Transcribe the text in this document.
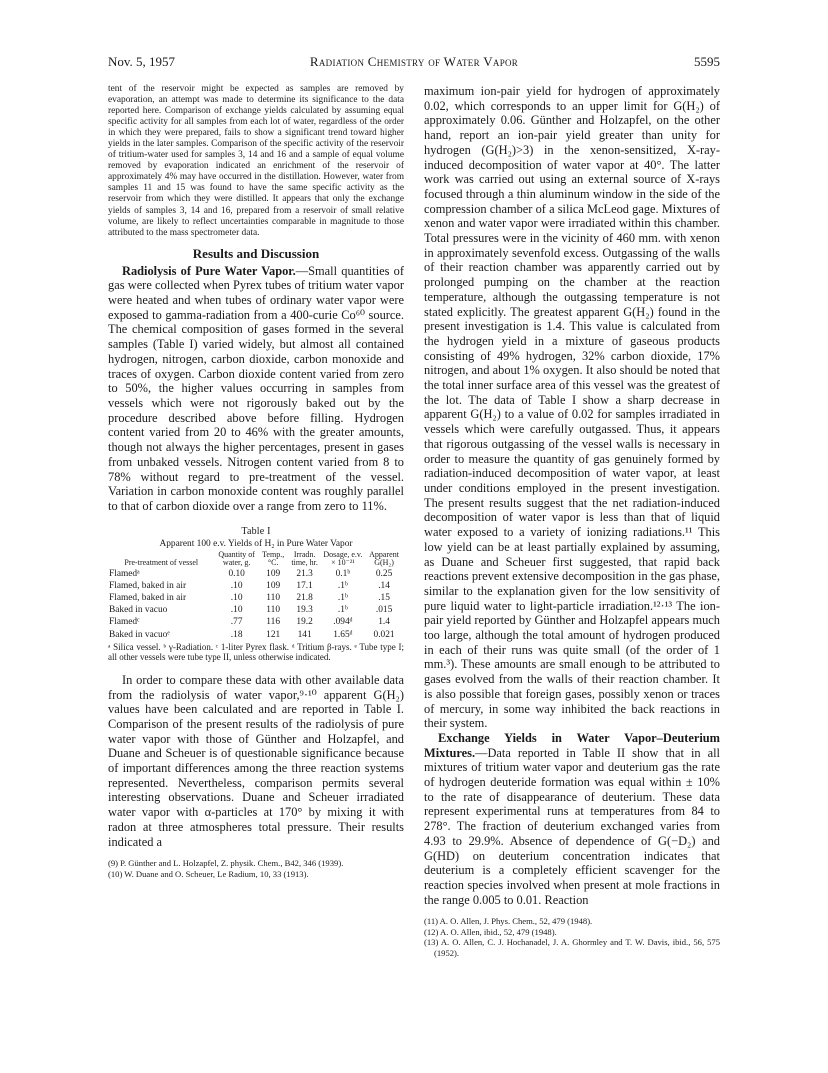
Nov. 5, 1957	Radiation Chemistry of Water Vapor	5595

tent of the reservoir might be expected as samples are removed by evaporation, an attempt was made to determine its significance to the data reported here. Comparison of exchange yields calculated by assuming equal specific activity for all samples from each lot of water, regardless of the order in which they were prepared, fails to show a significant trend toward higher yields in the later samples. Comparison of the specific activity of the reservoir of tritium-water used for samples 3, 14 and 16 and a sample of equal volume removed by evaporation indicated an enrichment of the reservoir of approximately 4% may have occurred in the distillation. However, water from samples 11 and 15 was found to have the same specific activity as the reservoir from which they were distilled. It appears that only the exchange yields of samples 3, 14 and 16, prepared from a reservoir of small relative volume, are likely to reflect uncertainties comparable in magnitude to those attributed to the mass spectrometer data.

Results and Discussion

Radiolysis of Pure Water Vapor.—Small quantities of gas were collected when Pyrex tubes of tritium water vapor were heated and when tubes of ordinary water vapor were exposed to gamma-radiation from a 400-curie Co⁶⁰ source. The chemical composition of gases formed in the several samples (Table I) varied widely, but almost all contained hydrogen, nitrogen, carbon dioxide, carbon monoxide and traces of oxygen. Carbon dioxide content varied from zero to 50%, the higher values occurring in samples from vessels which were not rigorously baked out by the procedure described above before filling. Hydrogen content varied from 20 to 46% with the greater amounts, though not always the higher percentages, present in gases from unbaked vessels. Nitrogen content varied from 8 to 78% without regard to pre-treatment of the vessel. Variation in carbon monoxide content was roughly parallel to that of carbon dioxide over a range from zero to 11%.

Table I
Apparent 100 e.v. Yields of H₂ in Pure Water Vapor
Pre-treatment of vessel	Quantity of water, g.	Temp., °C.	Irradn. time, hr.	Dosage, e.v. × 10⁻²¹	Apparent G(H₂)
Flamedᵃ	0.10	109	21.3	0.1ᵇ	0.25
Flamed, baked in air	.10	109	17.1	.1ᵇ	.14
Flamed, baked in air	.10	110	21.8	.1ᵇ	.15
Baked in vacuo	.10	110	19.3	.1ᵇ	.015
Flamedᶜ	.77	116	19.2	.094ᵈ	1.4
Baked in vacuoᵉ	.18	121	141	1.65ᵈ	0.021

ᵃ Silica vessel. ᵇ γ-Radiation. ᶜ 1-liter Pyrex flask. ᵈ Tritium β-rays. ᵉ Tube type I; all other vessels were tube type II, unless otherwise indicated.

In order to compare these data with other available data from the radiolysis of water vapor,⁹·¹⁰ apparent G(H₂) values have been calculated and are reported in Table I. Comparison of the present results of the radiolysis of pure water vapor with those of Günther and Holzapfel, and Duane and Scheuer is of questionable significance because of important differences among the three reaction systems represented. Nevertheless, comparison permits several interesting observations. Duane and Scheuer irradiated water vapor with α-particles at 170° by mixing it with radon at three atmospheres total pressure. Their results indicated a

(9) P. Günther and L. Holzapfel, Z. physik. Chem., B42, 346 (1939).

(10) W. Duane and O. Scheuer, Le Radium, 10, 33 (1913).

maximum ion-pair yield for hydrogen of approximately 0.02, which corresponds to an upper limit for G(H₂) of approximately 0.06. Günther and Holzapfel, on the other hand, report an ion-pair yield greater than unity for hydrogen (G(H₂)>3) in the xenon-sensitized, X-ray-induced decomposition of water vapor at 40°. The latter work was carried out using an external source of X-rays focused through a thin aluminum window in the side of the compression chamber of a silica McLeod gage. Mixtures of xenon and water vapor were irradiated within this chamber. Total pressures were in the vicinity of 460 mm. with xenon in approximately sevenfold excess. Outgassing of the walls of their reaction chamber was apparently carried out by prolonged pumping on the chamber at the reaction temperature, although the outgassing temperature is not stated explicitly. The greatest apparent G(H₂) found in the present investigation is 1.4. This value is calculated from the hydrogen yield in a mixture of gaseous products consisting of 49% hydrogen, 32% carbon dioxide, 17% nitrogen, and about 1% oxygen. It also should be noted that the total inner surface area of this vessel was the greatest of the lot. The data of Table I show a sharp decrease in apparent G(H₂) to a value of 0.02 for samples irradiated in vessels which were carefully outgassed. Thus, it appears that rigorous outgassing of the vessel walls is necessary in order to measure the quantity of gas genuinely formed by radiation-induced decomposition of water vapor, at least under conditions employed in the present investigation. The present results suggest that the net radiation-induced decomposition of water vapor is less than that of liquid water exposed to a variety of ionizing radiations.¹¹ This low yield can be at least partially explained by assuming, as Duane and Scheuer first suggested, that rapid back reactions prevent extensive decomposition in the gas phase, similar to the explanation given for the low sensitivity of pure liquid water to light-particle irradiation.¹²·¹³ The ion-pair yield reported by Günther and Holzapfel appears much too large, although the total amount of hydrogen produced in each of their runs was quite small (of the order of 1 mm.³). These amounts are small enough to be attributed to gases evolved from the walls of their reaction chamber. It is also possible that foreign gases, possibly xenon or traces of mercury, in some way inhibited the back reactions in their system.

Exchange Yields in Water Vapor–Deuterium Mixtures.—Data reported in Table II show that in all mixtures of tritium water vapor and deuterium gas the rate of hydrogen deuteride formation was equal within ± 10% to the rate of disappearance of deuterium. These data represent experimental runs at temperatures from 84 to 278°. The fraction of deuterium exchanged varies from 4.93 to 29.9%. Absence of dependence of G(−D₂) and G(HD) on deuterium concentration indicates that deuterium is a completely efficient scavenger for the reaction species involved when present at mole fractions in the range 0.005 to 0.01. Reaction

(11) A. O. Allen, J. Phys. Chem., 52, 479 (1948).

(12) A. O. Allen, ibid., 52, 479 (1948).

(13) A. O. Allen, C. J. Hochanadel, J. A. Ghormley and T. W. Davis, ibid., 56, 575 (1952).
